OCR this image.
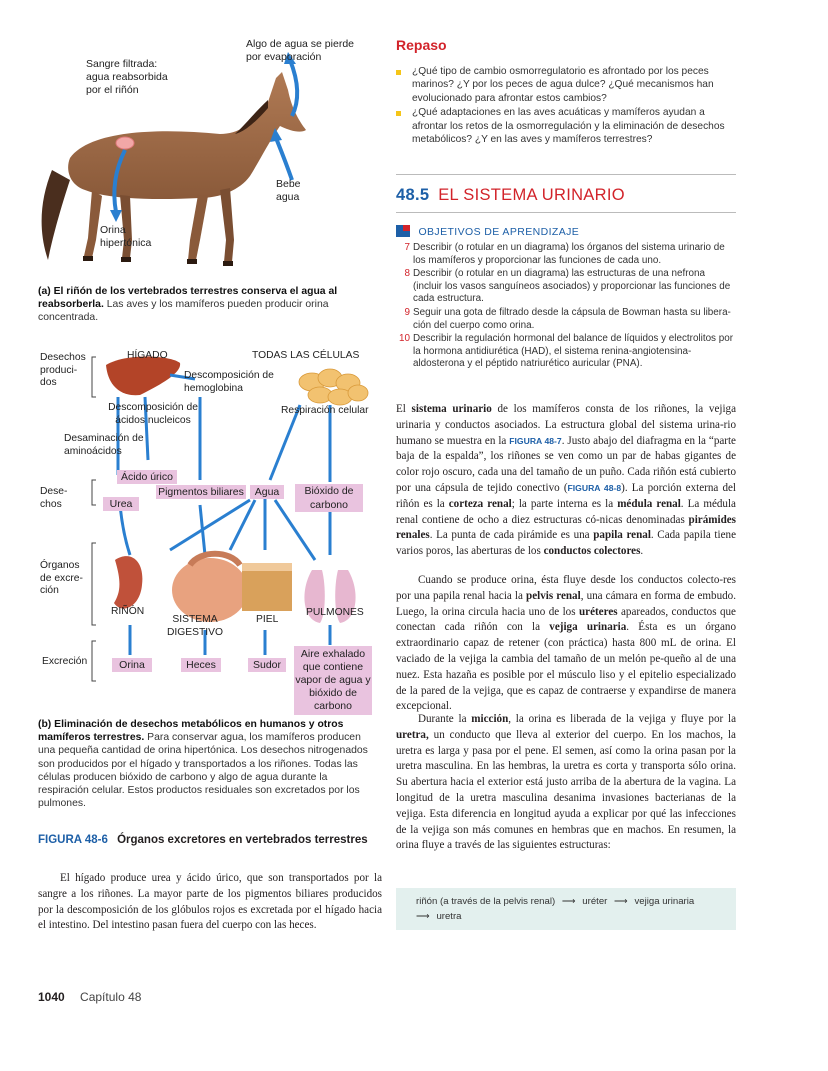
Algo de agua se pierde por evaporación
Sangre filtrada: agua reabsorbida por el riñón
Bebe agua
Orina hipertónica
(a) El riñón de los vertebrados terrestres conserva el agua al reabsorberla. Las aves y los mamíferos pueden producir orina concentrada.
Desechos produci-dos
HÍGADO	TODAS LAS CÉLULAS
Descomposición de hemoglobina
Descomposición de ácidos nucleicos
Respiración celular
Desaminación de aminoácidos
Dese-chos
Ácido úrico
Urea
Pigmentos biliares	Agua	Bióxido de carbono
Órganos de excre-ción
RIÑÓN
SISTEMA DIGESTIVO
PIEL
PULMONES
Excreción	Orina	Heces	Sudor
Aire exhalado que contiene vapor de agua y bióxido de carbono
(b) Eliminación de desechos metabólicos en humanos y otros mamíferos terrestres. Para conservar agua, los mamíferos producen una pequeña cantidad de orina hipertónica. Los desechos nitrogenados son producidos por el hígado y transportados a los riñones. Todas las células producen bióxido de carbono y algo de agua durante la respiración celular. Estos productos residuales son excretados por los pulmones.
FIGURA 48-6 Órganos excretores en vertebrados terrestres
El hígado produce urea y ácido úrico, que son transportados por la sangre a los riñones. La mayor parte de los pigmentos biliares producidos por la descomposición de los glóbulos rojos es excretada por el hígado hacia el intestino. Del intestino pasan fuera del cuerpo con las heces.
1040 Capítulo 48
Repaso
¿Qué tipo de cambio osmorregulatorio es afrontado por los peces marinos? ¿Y por los peces de agua dulce? ¿Qué mecanismos han evolucionado para afrontar estos cambios?
¿Qué adaptaciones en las aves acuáticas y mamíferos ayudan a afrontar los retos de la osmorregulación y la eliminación de desechos metabólicos? ¿Y en las aves y mamíferos terrestres?
48.5 EL SISTEMA URINARIO
OBJETIVOS DE APRENDIZAJE
7 Describir (o rotular en un diagrama) los órganos del sistema urinario de los mamíferos y proporcionar las funciones de cada uno.
8 Describir (o rotular en un diagrama) las estructuras de una nefrona (incluir los vasos sanguíneos asociados) y proporcionar las funciones de cada estructura.
9 Seguir una gota de filtrado desde la cápsula de Bowman hasta su libera-ción del cuerpo como orina.
10 Describir la regulación hormonal del balance de líquidos y electrolitos por la hormona antidiurética (HAD), el sistema renina-angiotensina-aldosterona y el péptido natriurético auricular (PNA).
El sistema urinario de los mamíferos consta de los riñones, la vejiga urinaria y conductos asociados. La estructura global del sistema urina-rio humano se muestra en la FIGURA 48-7. Justo abajo del diafragma en la “parte baja de la espalda”, los riñones se ven como un par de habas gigantes de color rojo oscuro, cada una del tamaño de un puño. Cada riñón está cubierto por una cápsula de tejido conectivo (FIGURA 48-8). La porción externa del riñón es la corteza renal; la parte interna es la médula renal. La médula renal contiene de ocho a diez estructuras có-nicas denominadas pirámides renales. La punta de cada pirámide es una papila renal. Cada papila tiene varios poros, las aberturas de los conductos colectores.
Cuando se produce orina, ésta fluye desde los conductos colecto-res por una papila renal hacia la pelvis renal, una cámara en forma de embudo. Luego, la orina circula hacia uno de los uréteres apareados, conductos que conectan cada riñón con la vejiga urinaria. Ésta es un órgano extraordinario capaz de retener (con práctica) hasta 800 mL de orina. El vaciado de la vejiga la cambia del tamaño de un melón pe-queño al de una nuez. Esta hazaña es posible por el músculo liso y el epitelio especializado de la pared de la vejiga, que es capaz de contraerse y expandirse de manera excepcional.
Durante la micción, la orina es liberada de la vejiga y fluye por la uretra, un conducto que lleva al exterior del cuerpo. En los machos, la uretra es larga y pasa por el pene. El semen, así como la orina pasan por la uretra masculina. En las hembras, la uretra es corta y transporta sólo orina. Su abertura hacia el exterior está justo arriba de la abertura de la vagina. La longitud de la uretra masculina desanima invasiones bacterianas de la vejiga. Esta diferencia en longitud ayuda a explicar por qué las infecciones de la vejiga son más comunes en hembras que en machos. En resumen, la orina fluye a través de las siguientes estructuras:
riñón (a través de la pelvis renal) ⟶ uréter ⟶ vejiga urinaria
⟶ uretra
